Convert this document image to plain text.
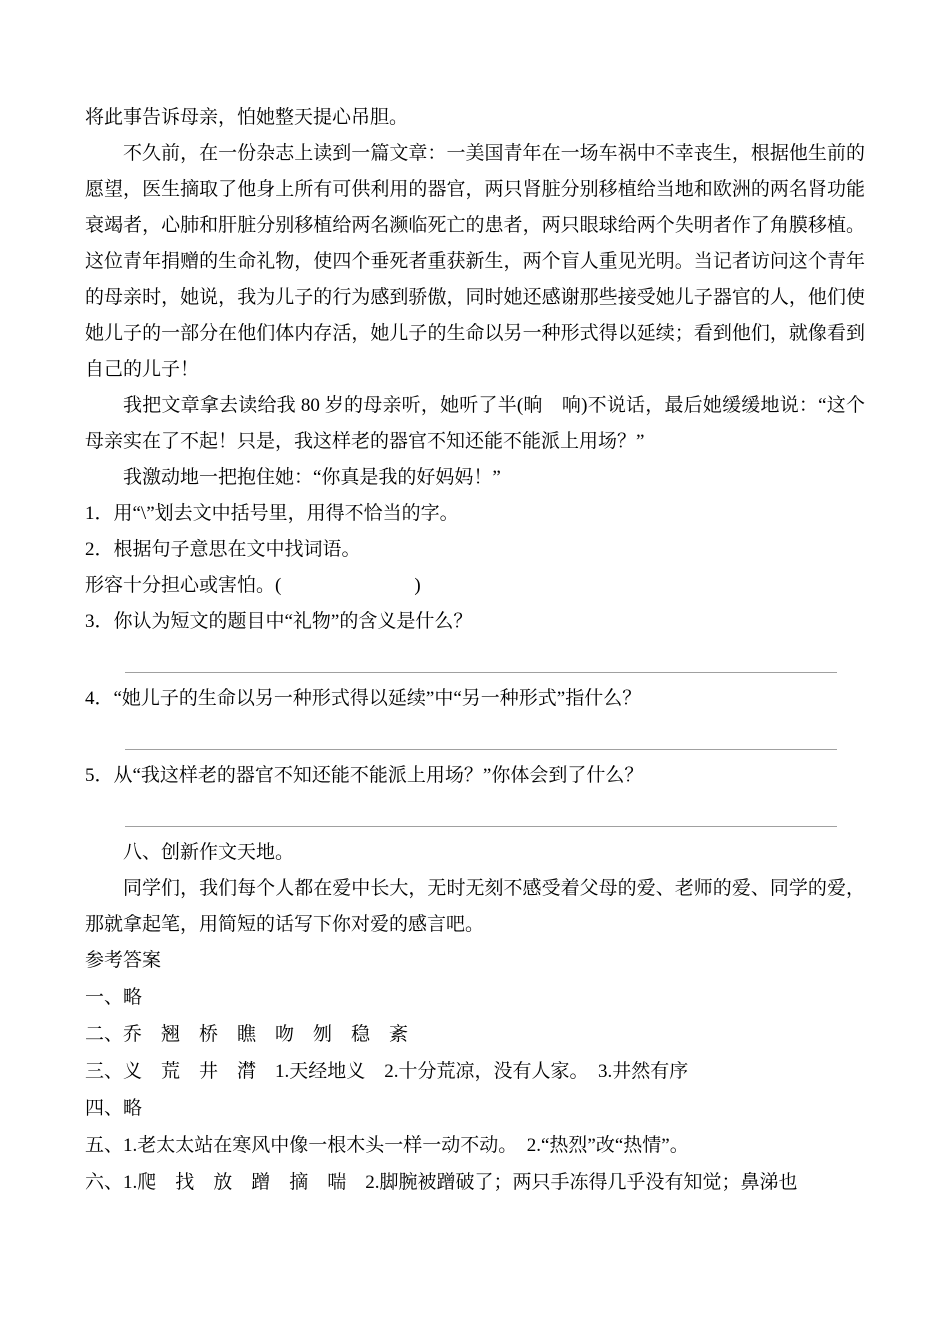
将此事告诉母亲，怕她整天提心吊胆。

不久前，在一份杂志上读到一篇文章：一美国青年在一场车祸中不幸丧生，根据他生前的愿望，医生摘取了他身上所有可供利用的器官，两只肾脏分别移植给当地和欧洲的两名肾功能衰竭者，心肺和肝脏分别移植给两名濒临死亡的患者，两只眼球给两个失明者作了角膜移植。这位青年捐赠的生命礼物，使四个垂死者重获新生，两个盲人重见光明。当记者访问这个青年的母亲时，她说，我为儿子的行为感到骄傲，同时她还感谢那些接受她儿子器官的人，他们使她儿子的一部分在他们体内存活，她儿子的生命以另一种形式得以延续；看到他们，就像看到自己的儿子！

我把文章拿去读给我 80 岁的母亲听，她听了半(晌　响)不说话，最后她缓缓地说：“这个母亲实在了不起！只是，我这样老的器官不知还能不能派上用场？”

我激动地一把抱住她：“你真是我的好妈妈！”

1．用“\”划去文中括号里，用得不恰当的字。

2．根据句子意思在文中找词语。

形容十分担心或害怕。(　　　　　　　)

3．你认为短文的题目中“礼物”的含义是什么？

4．“她儿子的生命以另一种形式得以延续”中“另一种形式”指什么？

5．从“我这样老的器官不知还能不能派上用场？”你体会到了什么？

八、创新作文天地。

同学们，我们每个人都在爱中长大，无时无刻不感受着父母的爱、老师的爱、同学的爱，那就拿起笔，用简短的话写下你对爱的感言吧。

参考答案

一、略

二、乔　翘　桥　瞧　吻　刎　稳　紊

三、义　荒　井　潸　1.天经地义　2.十分荒凉，没有人家。　3.井然有序

四、略

五、1.老太太站在寒风中像一根木头一样一动不动。　2.“热烈”改“热情”。

六、1.爬　找　放　蹭　摘　喘　2.脚腕被蹭破了；两只手冻得几乎没有知觉；鼻涕也
